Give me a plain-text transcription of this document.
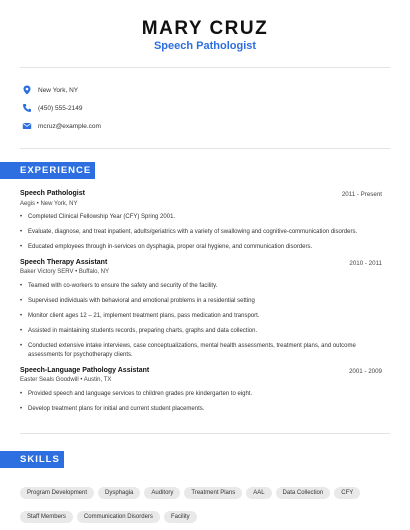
MARY CRUZ
Speech Pathologist
New York, NY
(450) 555-2149
mcruz@example.com
EXPERIENCE
Speech Pathologist	2011 - Present
Aegis • New York, NY
• Completed Clinical Fellowship Year (CFY) Spring 2001.
• Evaluate, diagnose, and treat inpatient, adults/geriatrics with a variety of swallowing and cognitive-communication disorders.
• Educated employees through in-services on dysphagia, proper oral hygiene, and communication disorders.
Speech Therapy Assistant	2010 - 2011
Baker Victory SERV • Buffalo, NY
• Teamed with co-workers to ensure the safety and security of the facility.
• Supervised individuals with behavioral and emotional problems in a residential setting
• Monitor client ages 12 – 21, implement treatment plans, pass medication and transport.
• Assisted in maintaining students records, preparing charts, graphs and data collection.
• Conducted extensive intake interviews, case conceptualizations, mental health assessments, treatment plans, and outcome assessments for psychotherapy clients.
Speech-Language Pathology Assistant	2001 - 2009
Easter Seals Goodwill • Austin, TX
• Provided speech and language services to children grades pre kindergarten to eight.
• Develop treatment plans for initial and current student placements.
SKILLS
Program Development	Dysphagia	Auditory	Treatment Plans	AAL	Data Collection	CFYStaff Members	Communication Disorders	Facility
